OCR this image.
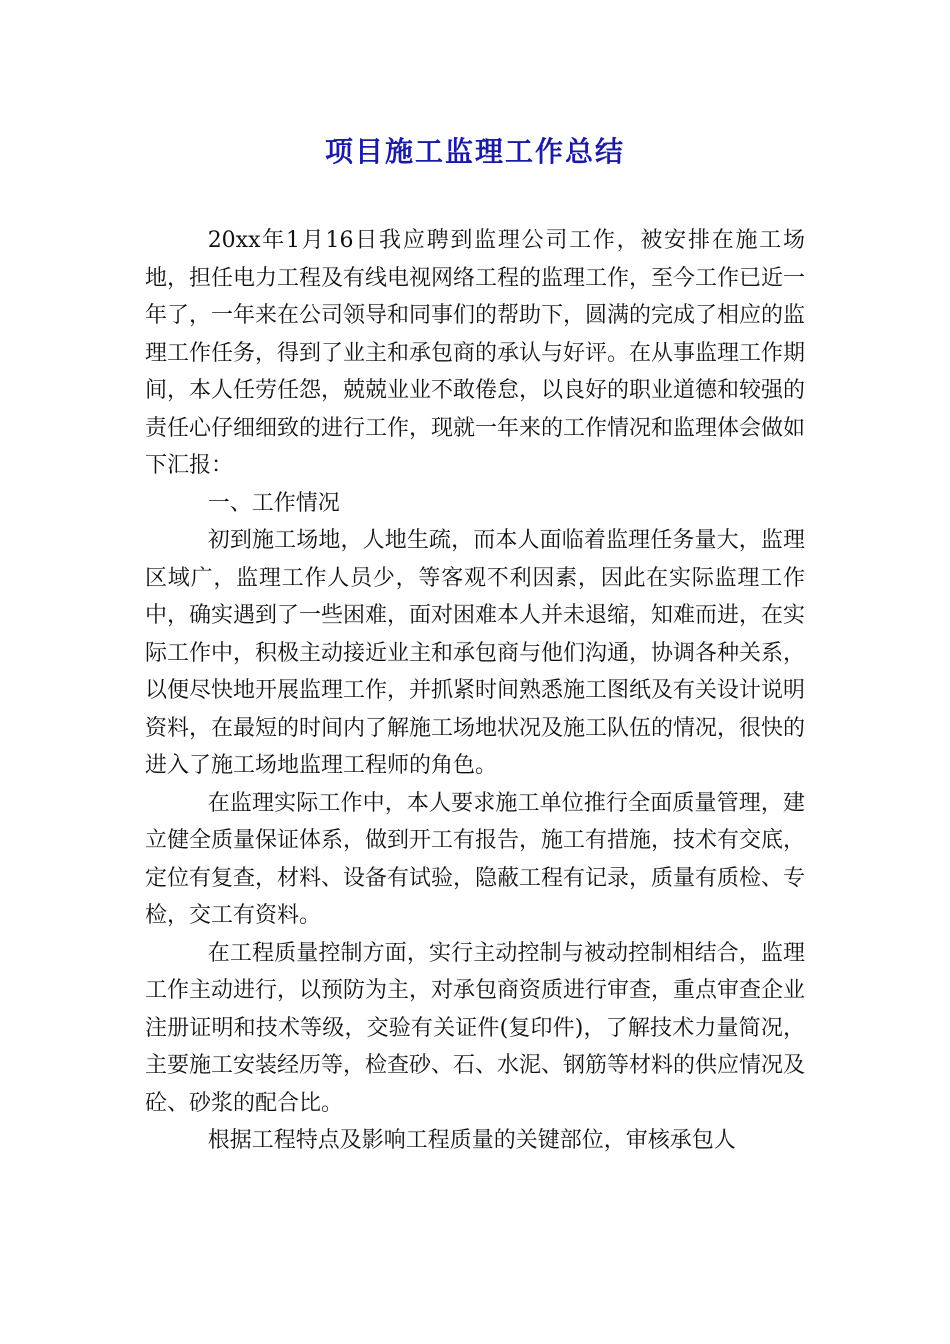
项目施工监理工作总结

20xx年1月16日我应聘到监理公司工作，被安排在施工场地，担任电力工程及有线电视网络工程的监理工作，至今工作已近一年了，一年来在公司领导和同事们的帮助下，圆满的完成了相应的监理工作任务，得到了业主和承包商的承认与好评。在从事监理工作期间，本人任劳任怨，兢兢业业不敢倦怠，以良好的职业道德和较强的责任心仔细细致的进行工作，现就一年来的工作情况和监理体会做如下汇报：

一、工作情况

初到施工场地，人地生疏，而本人面临着监理任务量大，监理区域广，监理工作人员少，等客观不利因素，因此在实际监理工作中，确实遇到了一些困难，面对困难本人并未退缩，知难而进，在实际工作中，积极主动接近业主和承包商与他们沟通，协调各种关系，以便尽快地开展监理工作，并抓紧时间熟悉施工图纸及有关设计说明资料，在最短的时间内了解施工场地状况及施工队伍的情况，很快的进入了施工场地监理工程师的角色。

在监理实际工作中，本人要求施工单位推行全面质量管理，建立健全质量保证体系，做到开工有报告，施工有措施，技术有交底，定位有复查，材料、设备有试验，隐蔽工程有记录，质量有质检、专检，交工有资料。

在工程质量控制方面，实行主动控制与被动控制相结合，监理工作主动进行，以预防为主，对承包商资质进行审查，重点审查企业注册证明和技术等级，交验有关证件(复印件)，了解技术力量简况，主要施工安装经历等，检查砂、石、水泥、钢筋等材料的供应情况及砼、砂浆的配合比。

根据工程特点及影响工程质量的关键部位，审核承包人
